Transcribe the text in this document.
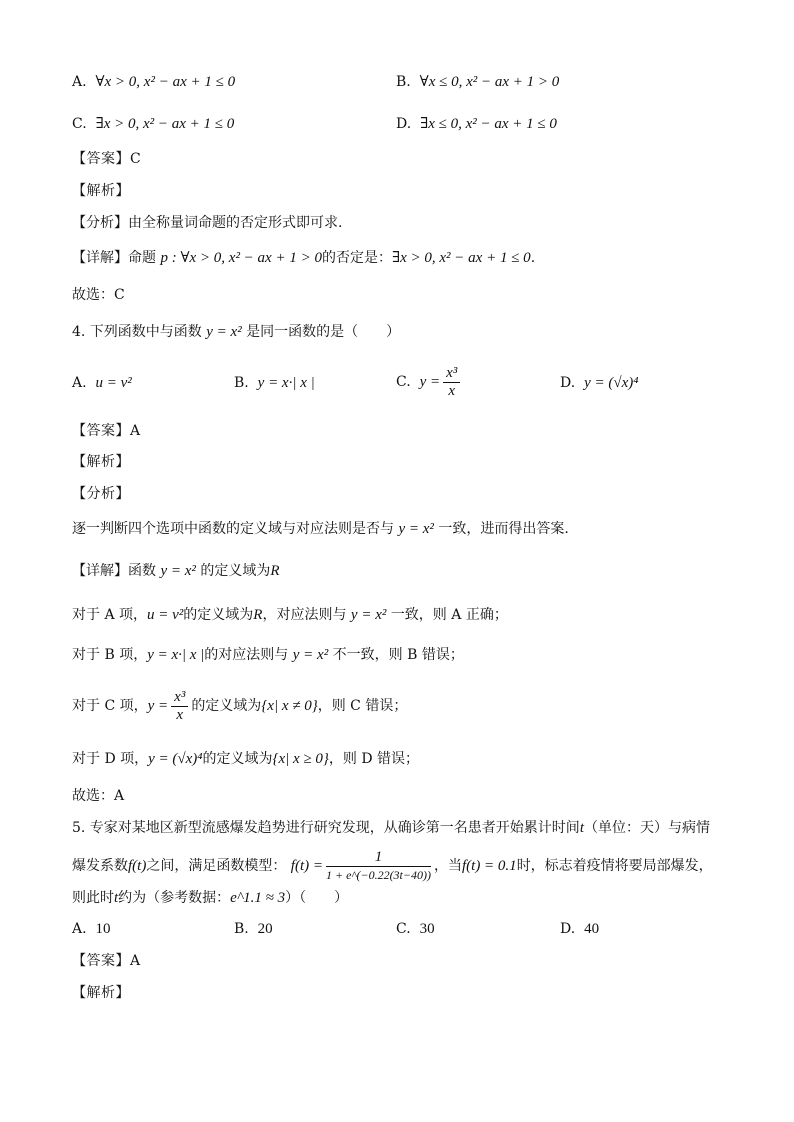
A. ∀x > 0, x² − ax + 1 ≤ 0	B. ∀x ≤ 0, x² − ax + 1 > 0
C. ∃x > 0, x² − ax + 1 ≤ 0	D. ∃x ≤ 0, x² − ax + 1 ≤ 0
【答案】C
【解析】
【分析】由全称量词命题的否定形式即可求.
【详解】命题 p : ∀x > 0, x² − ax + 1 > 0的否定是：∃x > 0, x² − ax + 1 ≤ 0.
故选：C
4. 下列函数中与函数 y = x² 是同一函数的是（　　）
A. u = v²	B. y = x·| x |	C. $y = \frac{\text{x³}}{x}$	D. y = (√x)⁴
【答案】A
【解析】
【分析】
逐一判断四个选项中函数的定义域与对应法则是否与 y = x² 一致，进而得出答案.
【详解】函数 y = x² 的定义域为R
对于 A 项，u = v²的定义域为R，对应法则与 y = x² 一致，则 A 正确；
对于 B 项，y = x·| x |的对应法则与 y = x² 不一致，则 B 错误；
对于 C 项，$y = \frac{\text{x³}}{x}$ 的定义域为{x| x ≠ 0}，则 C 错误；
对于 D 项，y = (√x)⁴的定义域为{x| x ≥ 0}，则 D 错误；
故选：A
5. 专家对某地区新型流感爆发趋势进行研究发现，从确诊第一名患者开始累计时间t（单位：天）与病情
爆发系数f(t)之间，满足函数模型： $f(t) = \frac{1}{1 + e\^{}(-0.22(3t-40))}$ ，当f(t) = 0.1时，标志着疫情将要局部爆发，
则此时t约为（参考数据：e^1.1 ≈ 3）（　　）
A. 10	B. 20	C. 30	D. 40
【答案】A
【解析】
